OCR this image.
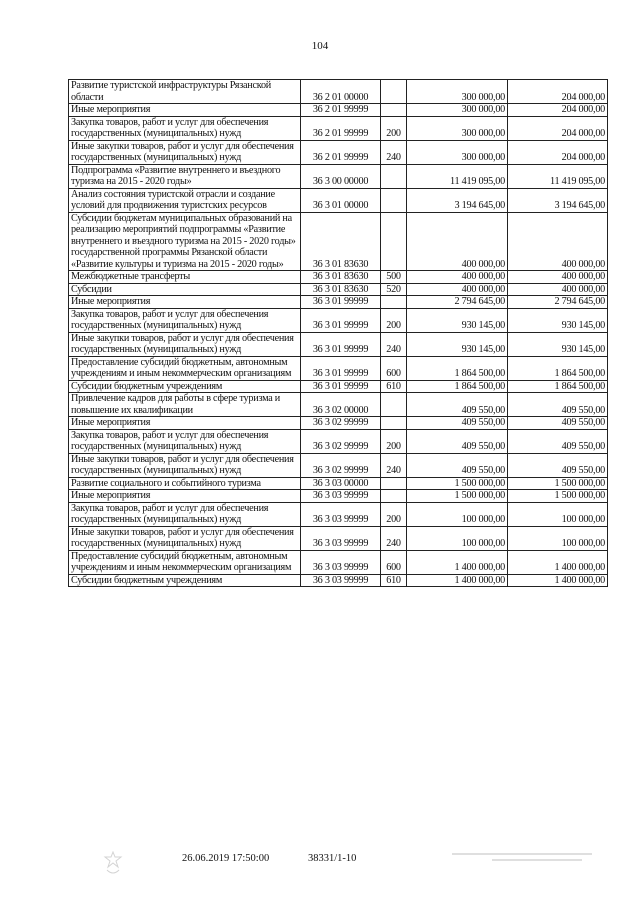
104
Развитие туристской инфраструктуры Рязанской области	36 2 01 00000		300 000,00	204 000,00
Иные мероприятия	36 2 01 99999		300 000,00	204 000,00
Закупка товаров, работ и услуг для обеспечения государственных (муниципальных) нужд	36 2 01 99999	200	300 000,00	204 000,00
Иные закупки товаров, работ и услуг для обеспечения государственных (муниципальных) нужд	36 2 01 99999	240	300 000,00	204 000,00
Подпрограмма «Развитие внутреннего и въездного туризма на 2015 - 2020 годы»	36 3 00 00000		11 419 095,00	11 419 095,00
Анализ состояния туристской отрасли и создание условий для продвижения туристских ресурсов	36 3 01 00000		3 194 645,00	3 194 645,00
Субсидии бюджетам муниципальных образований на реализацию мероприятий подпрограммы «Развитие внутреннего и въездного туризма на 2015 - 2020 годы» государственной программы Рязанской области «Развитие культуры и туризма на 2015 - 2020 годы»	36 3 01 83630		400 000,00	400 000,00
Межбюджетные трансферты	36 3 01 83630	500	400 000,00	400 000,00
Субсидии	36 3 01 83630	520	400 000,00	400 000,00
Иные мероприятия	36 3 01 99999		2 794 645,00	2 794 645,00
Закупка товаров, работ и услуг для обеспечения государственных (муниципальных) нужд	36 3 01 99999	200	930 145,00	930 145,00
Иные закупки товаров, работ и услуг для обеспечения государственных (муниципальных) нужд	36 3 01 99999	240	930 145,00	930 145,00
Предоставление субсидий бюджетным, автономным учреждениям и иным некоммерческим организациям	36 3 01 99999	600	1 864 500,00	1 864 500,00
Субсидии бюджетным учреждениям	36 3 01 99999	610	1 864 500,00	1 864 500,00
Привлечение кадров для работы в сфере туризма и повышение их квалификации	36 3 02 00000		409 550,00	409 550,00
Иные мероприятия	36 3 02 99999		409 550,00	409 550,00
Закупка товаров, работ и услуг для обеспечения государственных (муниципальных) нужд	36 3 02 99999	200	409 550,00	409 550,00
Иные закупки товаров, работ и услуг для обеспечения государственных (муниципальных) нужд	36 3 02 99999	240	409 550,00	409 550,00
Развитие социального и событийного туризма	36 3 03 00000		1 500 000,00	1 500 000,00
Иные мероприятия	36 3 03 99999		1 500 000,00	1 500 000,00
Закупка товаров, работ и услуг для обеспечения государственных (муниципальных) нужд	36 3 03 99999	200	100 000,00	100 000,00
Иные закупки товаров, работ и услуг для обеспечения государственных (муниципальных) нужд	36 3 03 99999	240	100 000,00	100 000,00
Предоставление субсидий бюджетным, автономным учреждениям и иным некоммерческим организациям	36 3 03 99999	600	1 400 000,00	1 400 000,00
Субсидии бюджетным учреждениям	36 3 03 99999	610	1 400 000,00	1 400 000,00
26.06.2019 17:50:00	38331/1-10
